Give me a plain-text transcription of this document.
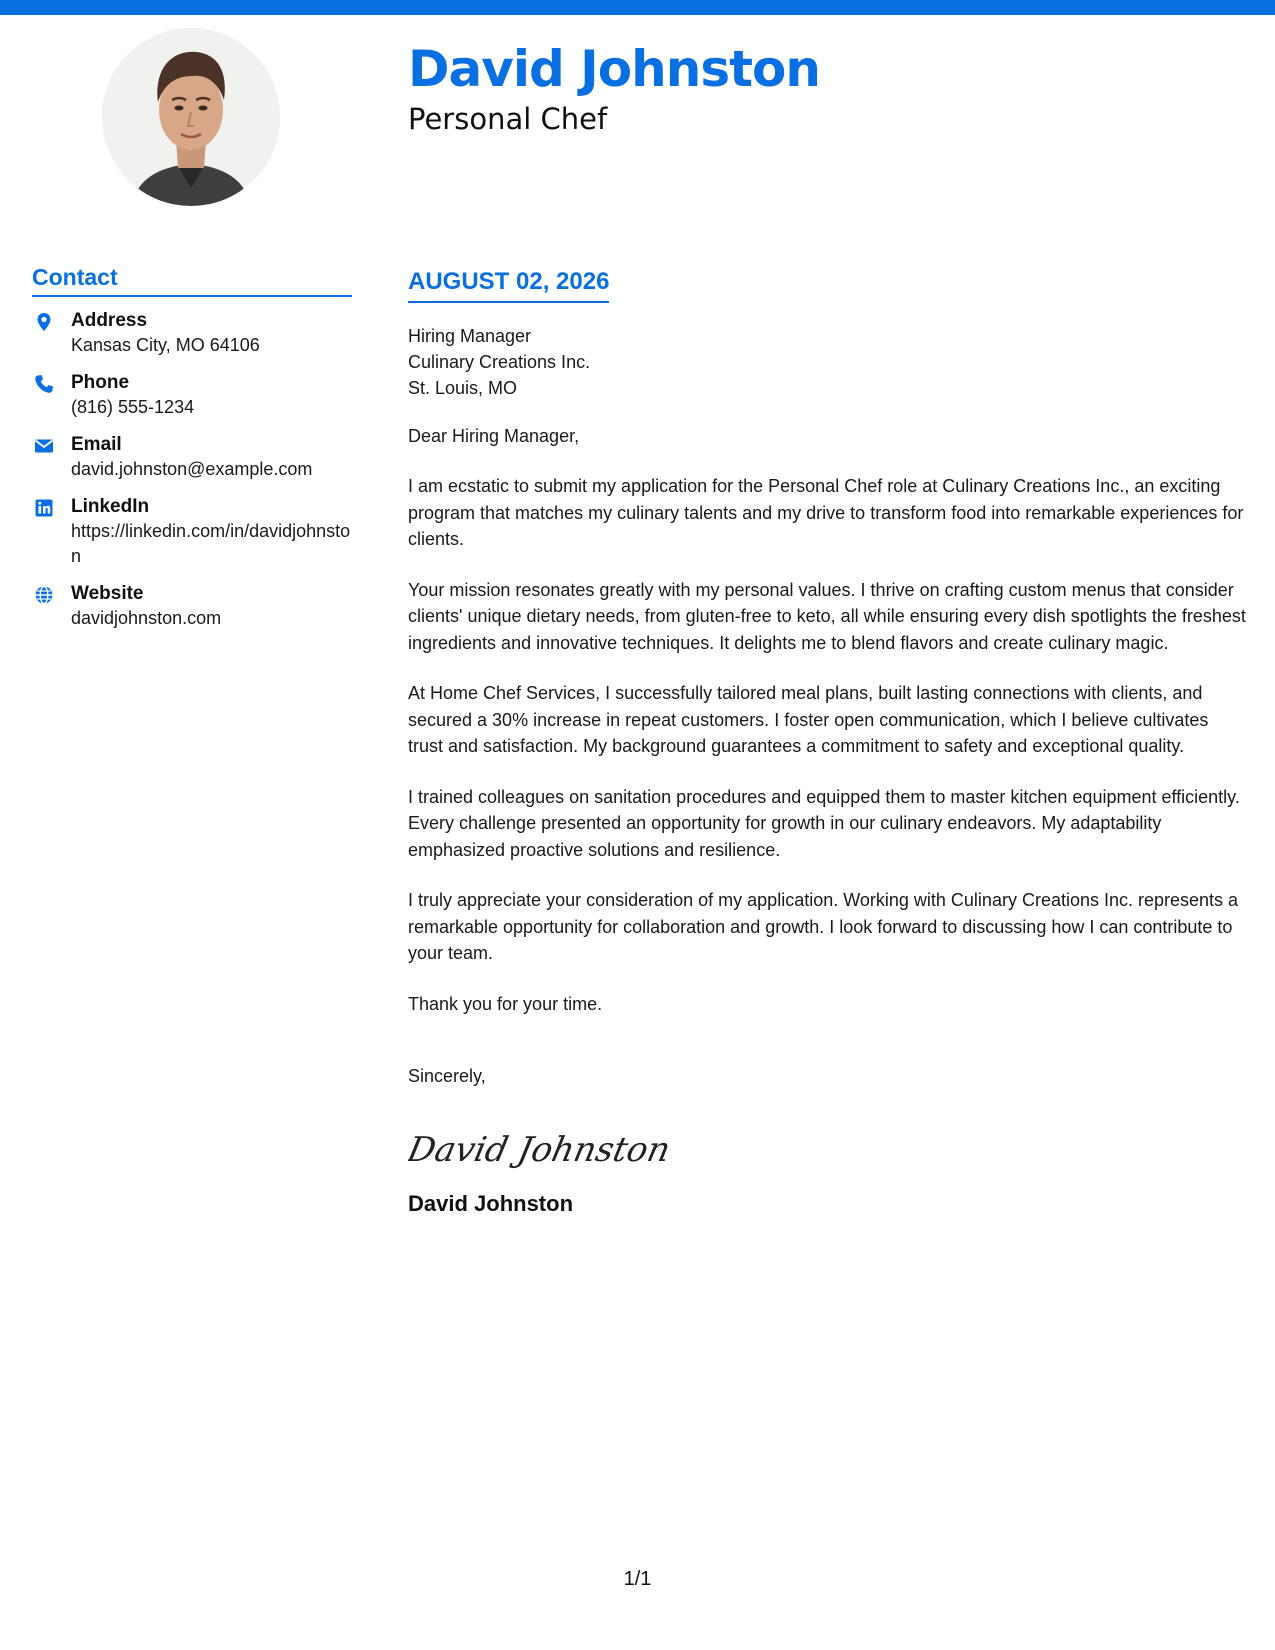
David Johnston
Personal Chef
Contact
Address
Kansas City, MO 64106
Phone
(816) 555-1234
Email
david.johnston@example.com
LinkedIn
https://linkedin.com/in/davidjohnston
Website
davidjohnston.com
AUGUST 02, 2026
Hiring Manager
Culinary Creations Inc.
St. Louis, MO
Dear Hiring Manager,

I am ecstatic to submit my application for the Personal Chef role at Culinary Creations Inc., an exciting program that matches my culinary talents and my drive to transform food into remarkable experiences for clients.

Your mission resonates greatly with my personal values. I thrive on crafting custom menus that consider clients' unique dietary needs, from gluten-free to keto, all while ensuring every dish spotlights the freshest ingredients and innovative techniques. It delights me to blend flavors and create culinary magic.

At Home Chef Services, I successfully tailored meal plans, built lasting connections with clients, and secured a 30% increase in repeat customers. I foster open communication, which I believe cultivates trust and satisfaction. My background guarantees a commitment to safety and exceptional quality.

I trained colleagues on sanitation procedures and equipped them to master kitchen equipment efficiently. Every challenge presented an opportunity for growth in our culinary endeavors. My adaptability emphasized proactive solutions and resilience.

I truly appreciate your consideration of my application. Working with Culinary Creations Inc. represents a remarkable opportunity for collaboration and growth. I look forward to discussing how I can contribute to your team.

Thank you for your time.

Sincerely,
David Johnston
David Johnston
1/1
